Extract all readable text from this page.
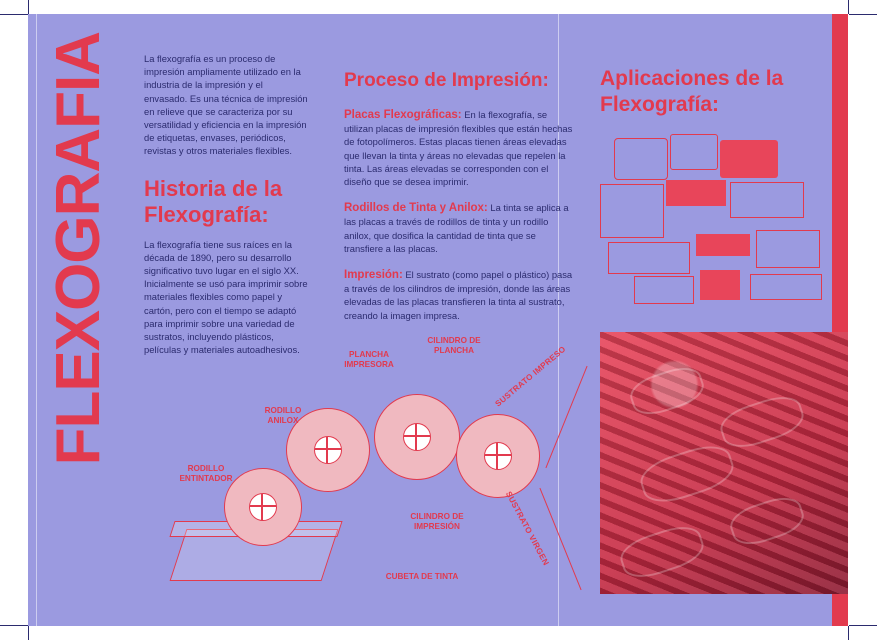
FLEXOGRAFIA	La flexografía es un proceso de impresión ampliamente utilizado en la industria de la impresión y el envasado. Es una técnica de impresión en relieve que se caracteriza por su versatilidad y eficiencia en la impresión de etiquetas, envases, periódicos, revistas y otros materiales flexibles.
Historia de la Flexografía:
La flexografía tiene sus raíces en la década de 1890, pero su desarrollo significativo tuvo lugar en el siglo XX. Inicialmente se usó para imprimir sobre materiales flexibles como papel y cartón, pero con el tiempo se adaptó para imprimir sobre una variedad de sustratos, incluyendo plásticos, películas y materiales autoadhesivos.
Proceso de Impresión:
Placas Flexográficas: En la flexografía, se utilizan placas de impresión flexibles que están hechas de fotopolímeros. Estas placas tienen áreas elevadas que llevan la tinta y áreas no elevadas que repelen la tinta. Las áreas elevadas se corresponden con el diseño que se desea imprimir.
Rodillos de Tinta y Anilox: La tinta se aplica a las placas a través de rodillos de tinta y un rodillo anilox, que dosifica la cantidad de tinta que se transfiere a las placas.
Impresión: El sustrato (como papel o plástico) pasa a través de los cilindros de impresión, donde las áreas elevadas de las placas transfieren la tinta al sustrato, creando la imagen impresa.
Aplicaciones de la Flexografía:
PLANCHA IMPRESORA
CILINDRO DE PLANCHA
RODILLO ANILOX
RODILLO ENTINTADOR
CILINDRO DE IMPRESIÓN
CUBETA DE TINTA
SUSTRATO IMPRESO
SUSTRATO VIRGEN
